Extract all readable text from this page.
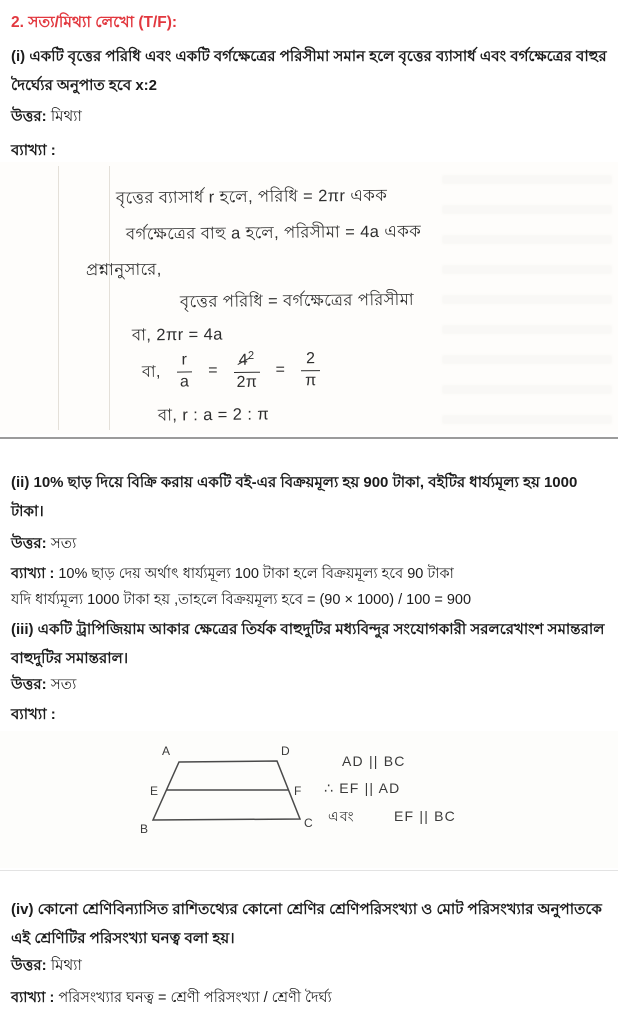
2. সত্য/মিথ্যা লেখো (T/F):
(i) একটি বৃত্তের পরিধি এবং একটি বর্গক্ষেত্রের পরিসীমা সমান হলে বৃত্তের ব্যাসার্ধ এবং বর্গক্ষেত্রের বাহুর দৈর্ঘ্যের অনুপাত হবে x:2
উত্তর: মিথ্যা
ব্যাখ্যা :
বৃত্তের ব্যাসার্ধ r হলে, পরিধি = 2πr একক
বর্গক্ষেত্রের বাহু a হলে, পরিসীমা = 4a একক
প্রশ্নানুসারে,
বৃত্তের পরিধি = বর্গক্ষেত্রের পরিসীমা
বা, 2πr = 4a
বা, $\frac{r}{a} = \frac{4^2}{2\pi} = \frac{2}{\pi}$
বা, r : a = 2 : π
(ii) 10% ছাড় দিয়ে বিক্রি করায় একটি বই-এর বিক্রয়মূল্য হয় 900 টাকা, বইটির ধার্য্যমূল্য হয় 1000 টাকা।
উত্তর: সত্য
ব্যাখ্যা : 10% ছাড় দেয় অর্থাৎ ধার্য্যমূল্য 100 টাকা হলে বিক্রয়মূল্য হবে 90 টাকা
যদি ধার্য্যমূল্য 1000 টাকা হয় ,তাহলে বিক্রয়মূল্য হবে = (90 × 1000) / 100 = 900
(iii) একটি ট্রাপিজিয়াম আকার ক্ষেত্রের তির্যক বাহুদুটির মধ্যবিন্দুর সংযোগকারী সরলরেখাংশ সমান্তরাল বাহুদুটির সমান্তরাল।
উত্তর: সত্য
ব্যাখ্যা :
A	D
E	F
B	C
AD || BC
∴ EF || AD
এবং	EF || BC
(iv) কোনো শ্রেণিবিন্যাসিত রাশিতথ্যের কোনো শ্রেণির শ্রেণিপরিসংখ্যা ও মোট পরিসংখ্যার অনুপাতকে এই শ্রেণিটির পরিসংখ্যা ঘনত্ব বলা হয়।
উত্তর: মিথ্যা
ব্যাখ্যা : পরিসংখ্যার ঘনত্ব = শ্রেণী পরিসংখ্যা / শ্রেণী দৈর্ঘ্য
